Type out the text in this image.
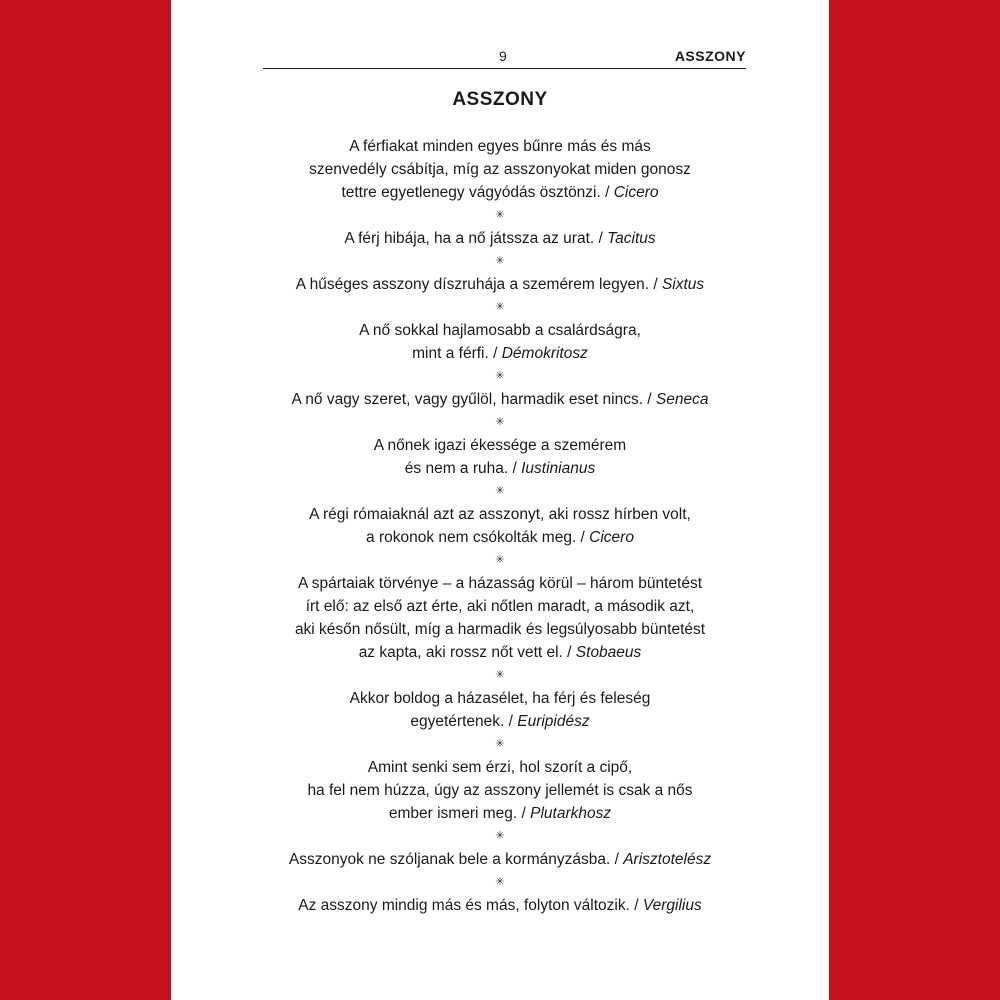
9	ASSZONY
ASSZONY
A férfiakat minden egyes bűnre más és más
szenvedély csábítja, míg az asszonyokat miden gonosz
tettre egyetlenegy vágyódás ösztönzi. / Cicero
✳
A férj hibája, ha a nő játssza az urat. / Tacitus
✳
A hűséges asszony díszruhája a szemérem legyen. / Sixtus
✳
A nő sokkal hajlamosabb a csalárdságra,
mint a férfi. / Démokritosz
✳
A nő vagy szeret, vagy gyűlöl, harmadik eset nincs. / Seneca
✳
A nőnek igazi ékessége a szemérem
és nem a ruha. / Iustinianus
✳
A régi rómaiaknál azt az asszonyt, aki rossz hírben volt,
a rokonok nem csókolták meg. / Cicero
✳
A spártaiak törvénye – a házasság körül – három büntetést
írt elő: az első azt érte, aki nőtlen maradt, a második azt,
aki későn nősült, míg a harmadik és legsúlyosabb büntetést
az kapta, aki rossz nőt vett el. / Stobaeus
✳
Akkor boldog a házasélet, ha férj és feleség
egyetértenek. / Euripidész
✳
Amint senki sem érzi, hol szorít a cipő,
ha fel nem húzza, úgy az asszony jellemét is csak a nős
ember ismeri meg. / Plutarkhosz
✳
Asszonyok ne szóljanak bele a kormányzásba. / Arisztotelész
✳
Az asszony mindig más és más, folyton változik. / Vergilius
